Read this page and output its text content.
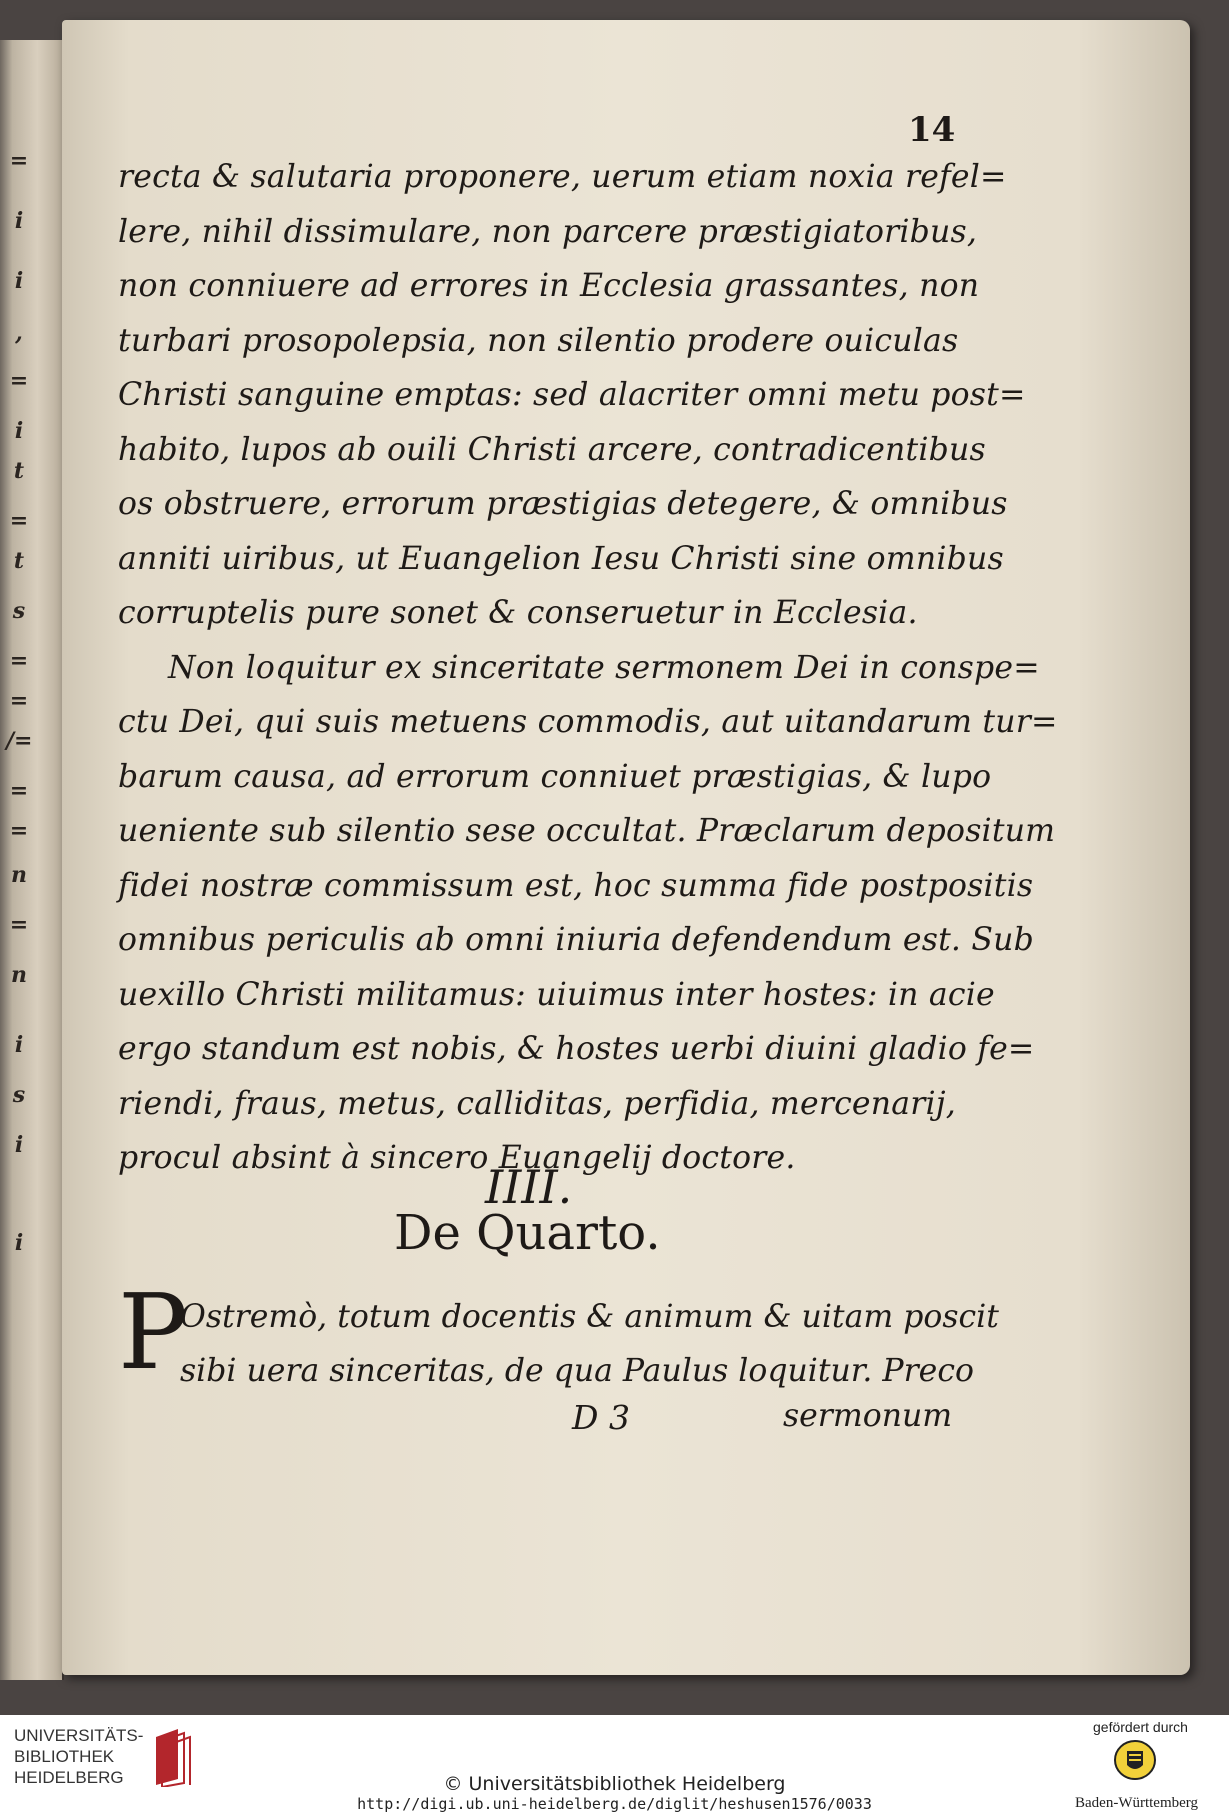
=
i
i
,
=
i
t
=
t
s
=
=
/=
=
=
n
=
n
i
s
i
i
14
recta & salutaria proponere, uerum etiam noxia refel=
lere, nihil dissimulare, non parcere præstigiatoribus,
non conniuere ad errores in Ecclesia grassantes, non
turbari prosopolepsia, non silentio prodere ouiculas
Christi sanguine emptas: sed alacriter omni metu post=
habito, lupos ab ouili Christi arcere, contradicentibus
os obstruere, errorum præstigias detegere, & omnibus
anniti uiribus, ut Euangelion Iesu Christi sine omnibus
corruptelis pure sonet & conseruetur in Ecclesia.
Non loquitur ex sinceritate sermonem Dei in conspe=
ctu Dei, qui suis metuens commodis, aut uitandarum tur=
barum causa, ad errorum conniuet præstigias, & lupo
ueniente sub silentio sese occultat. Præclarum depositum
fidei nostræ commissum est, hoc summa fide postpositis
omnibus periculis ab omni iniuria defendendum est. Sub
uexillo Christi militamus: uiuimus inter hostes: in acie
ergo standum est nobis, & hostes uerbi diuini gladio fe=
riendi, fraus, metus, calliditas, perfidia, mercenarij,
procul absint à sincero Euangelij doctore.
IIII.
De Quarto.
P
Ostremò, totum docentis & animum & uitam poscit
sibi uera sinceritas, de qua Paulus loquitur. Preco
D 3	sermonum
UNIVERSITÄTS-
BIBLIOTHEK
HEIDELBERG	© Universitätsbibliothek Heidelberg
http://digi.ub.uni-heidelberg.de/diglit/heshusen1576/0033
gefördert durch
Baden-Württemberg
